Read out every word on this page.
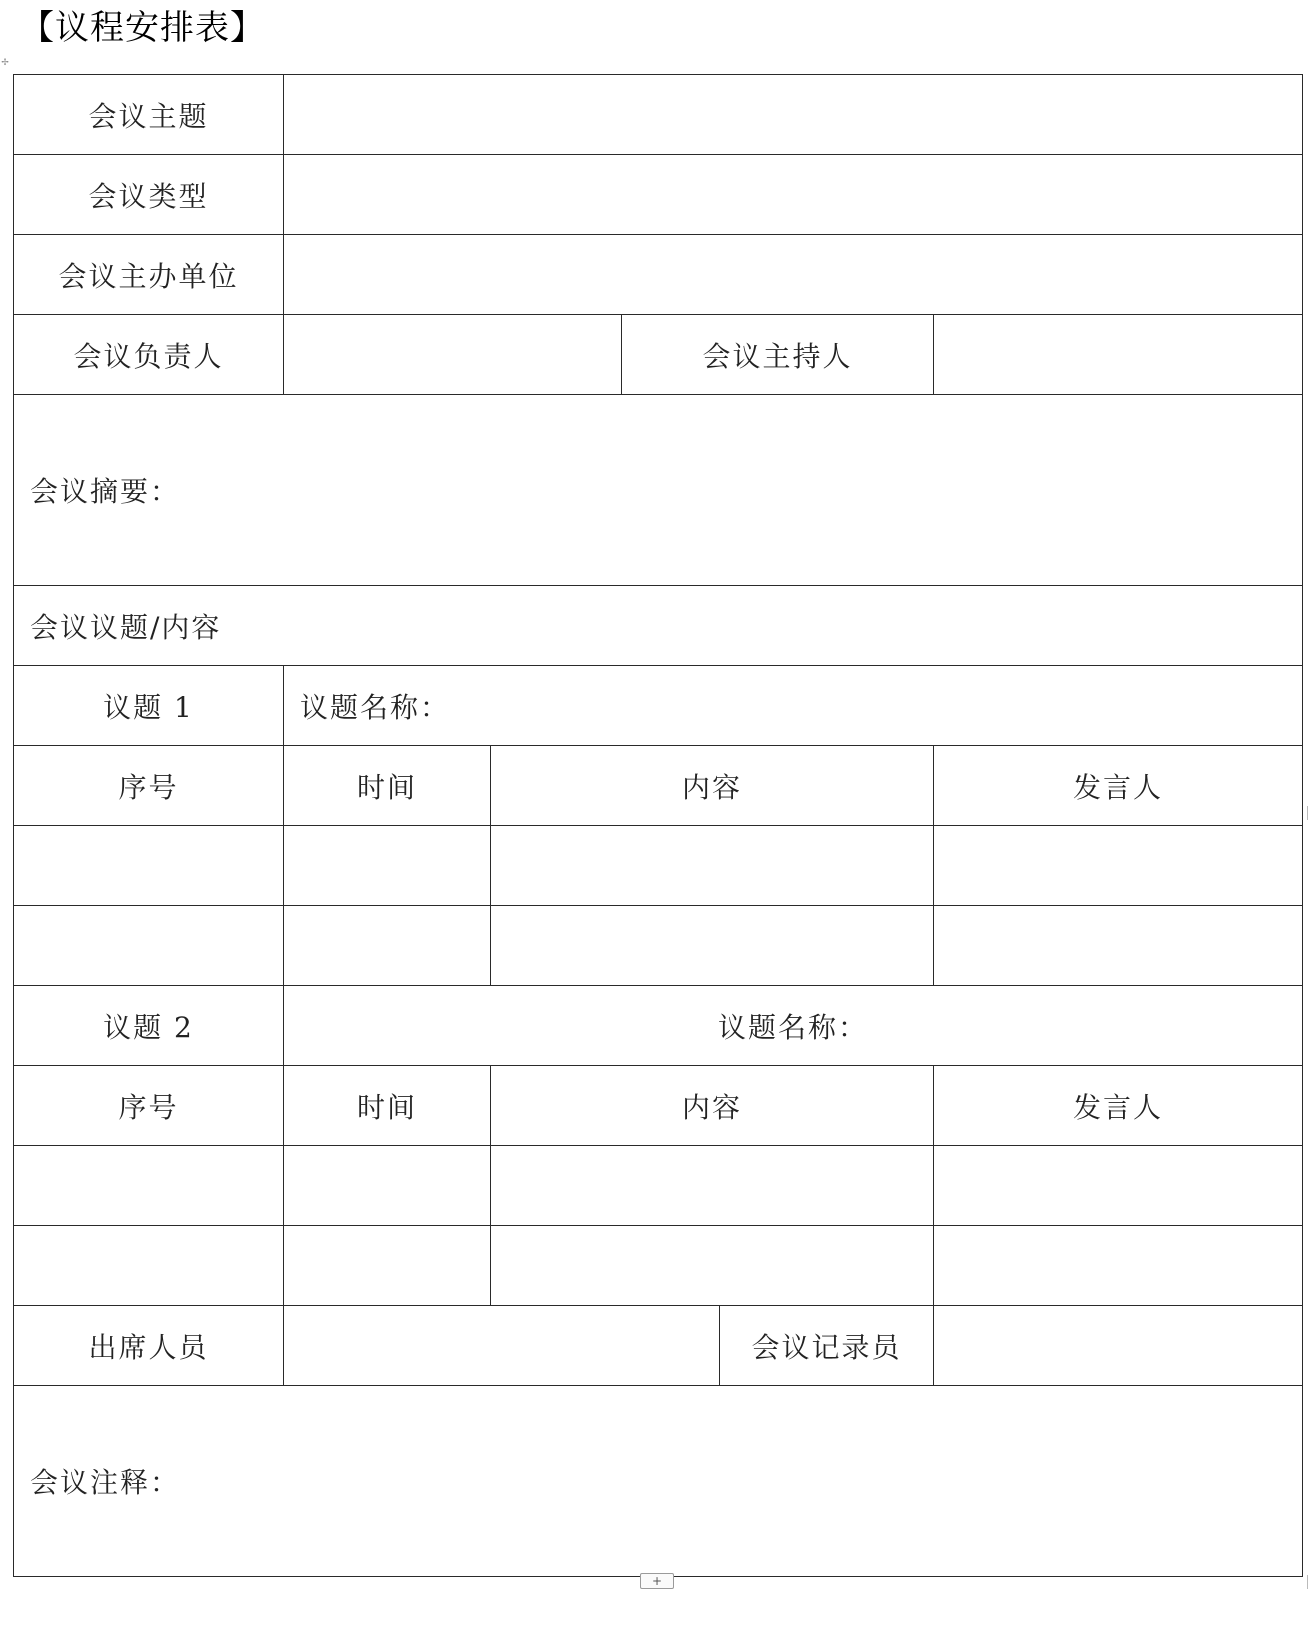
【议程安排表】
✢
会议主题					
会议类型					
会议主办单位					
会议负责人			会议主持人		
会议摘要：					
会议议题/内容					
议题 1	议题名称：				
序号	时间	内容			发言人

议题 2	议题名称：				
序号	时间	内容			发言人

出席人员				会议记录员	
会议注释：					
+
